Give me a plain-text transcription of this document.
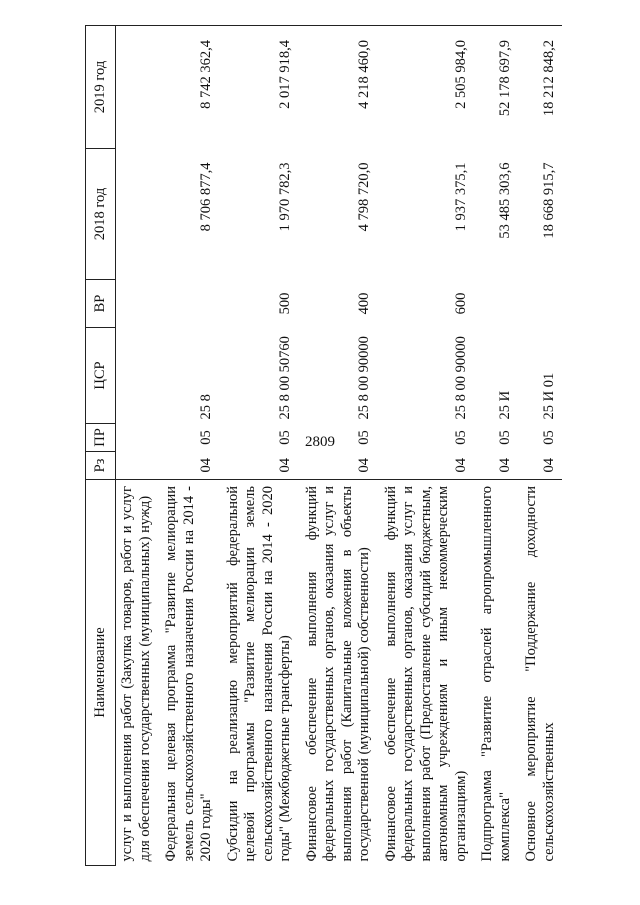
2809
Наименование	Рз	ПР	ЦСР	ВР	2018 год	2019 год
услуг и выполнения работ (Закупка товаров, работ и услуг для обеспечения государственных (муниципальных) нужд)						
Федеральная целевая программа "Развитие мелиорации земель сельскохозяйственного назначения России на 2014 - 2020 годы"	04	05	25 8		8 706 877,4	8 742 362,4
Субсидии на реализацию мероприятий федеральной целевой программы "Развитие мелиорации земель сельскохозяйственного назначения России на 2014 - 2020 годы" (Межбюджетные трансферты)	04	05	25 8 00 50760	500	1 970 782,3	2 017 918,4
Финансовое обеспечение выполнения функций федеральных государственных органов, оказания услуг и выполнения работ (Капитальные вложения в объекты государственной (муниципальной) собственности)	04	05	25 8 00 90000	400	4 798 720,0	4 218 460,0
Финансовое обеспечение выполнения функций федеральных государственных органов, оказания услуг и выполнения работ (Предоставление субсидий бюджетным, автономным учреждениям и иным некоммерческим организациям)	04	05	25 8 00 90000	600	1 937 375,1	2 505 984,0
Подпрограмма "Развитие отраслей агропромышленного комплекса"	04	05	25 И		53 485 303,6	52 178 697,9
Основное мероприятие "Поддержание доходности сельскохозяйственных	04	05	25 И 01		18 668 915,7	18 212 848,2
